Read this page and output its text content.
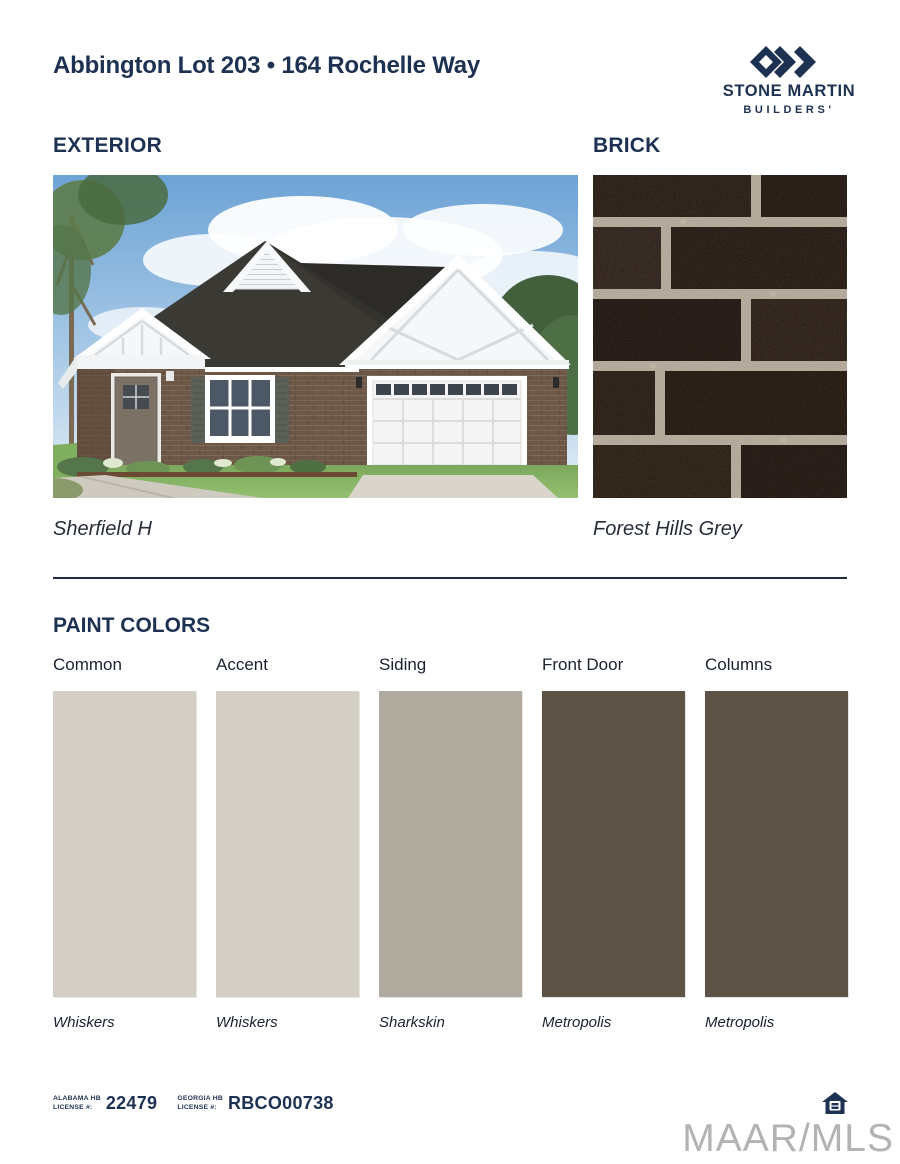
Abbington Lot 203 • 164 Rochelle Way
STONE MARTIN
BUILDERS'
EXTERIOR	BRICK
Sherfield H	Forest Hills Grey
PAINT COLORS
Common
Whiskers
Accent
Whiskers
Siding
Sharkskin
Front Door
Metropolis
Columns
Metropolis
ALABAMA HB
LICENSE #: 22479	GEORGIA HB
LICENSE #: RBCO00738
MAAR/MLS
